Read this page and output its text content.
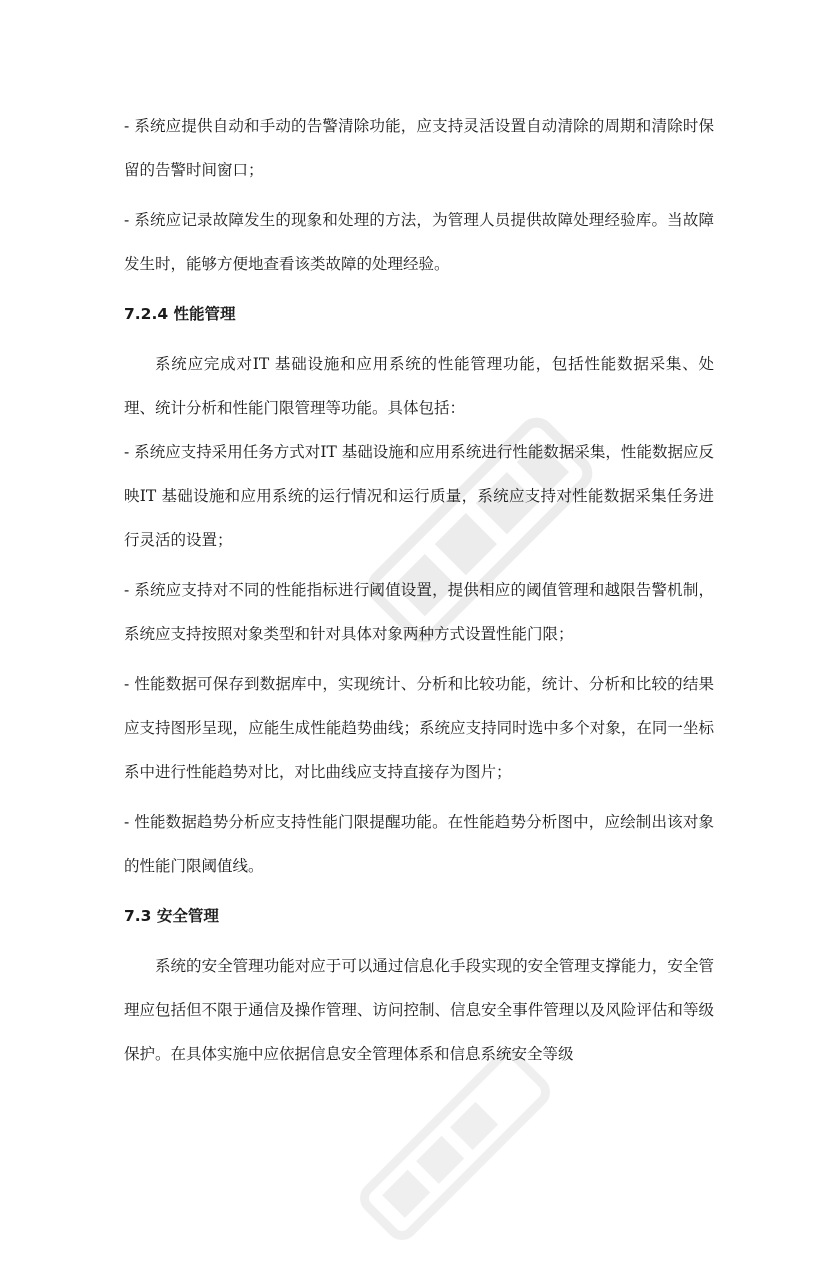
- 系统应提供自动和手动的告警清除功能，应支持灵活设置自动清除的周期和清除时保留的告警时间窗口；

- 系统应记录故障发生的现象和处理的方法，为管理人员提供故障处理经验库。当故障发生时，能够方便地查看该类故障的处理经验。

7.2.4 性能管理

系统应完成对IT 基础设施和应用系统的性能管理功能，包括性能数据采集、处理、统计分析和性能门限管理等功能。具体包括：

- 系统应支持采用任务方式对IT 基础设施和应用系统进行性能数据采集，性能数据应反映IT 基础设施和应用系统的运行情况和运行质量，系统应支持对性能数据采集任务进行灵活的设置；

- 系统应支持对不同的性能指标进行阈值设置，提供相应的阈值管理和越限告警机制，系统应支持按照对象类型和针对具体对象两种方式设置性能门限；

- 性能数据可保存到数据库中，实现统计、分析和比较功能，统计、分析和比较的结果应支持图形呈现，应能生成性能趋势曲线；系统应支持同时选中多个对象，在同一坐标系中进行性能趋势对比，对比曲线应支持直接存为图片；

- 性能数据趋势分析应支持性能门限提醒功能。在性能趋势分析图中，应绘制出该对象的性能门限阈值线。

7.3 安全管理

系统的安全管理功能对应于可以通过信息化手段实现的安全管理支撑能力，安全管理应包括但不限于通信及操作管理、访问控制、信息安全事件管理以及风险评估和等级保护。在具体实施中应依据信息安全管理体系和信息系统安全等级
